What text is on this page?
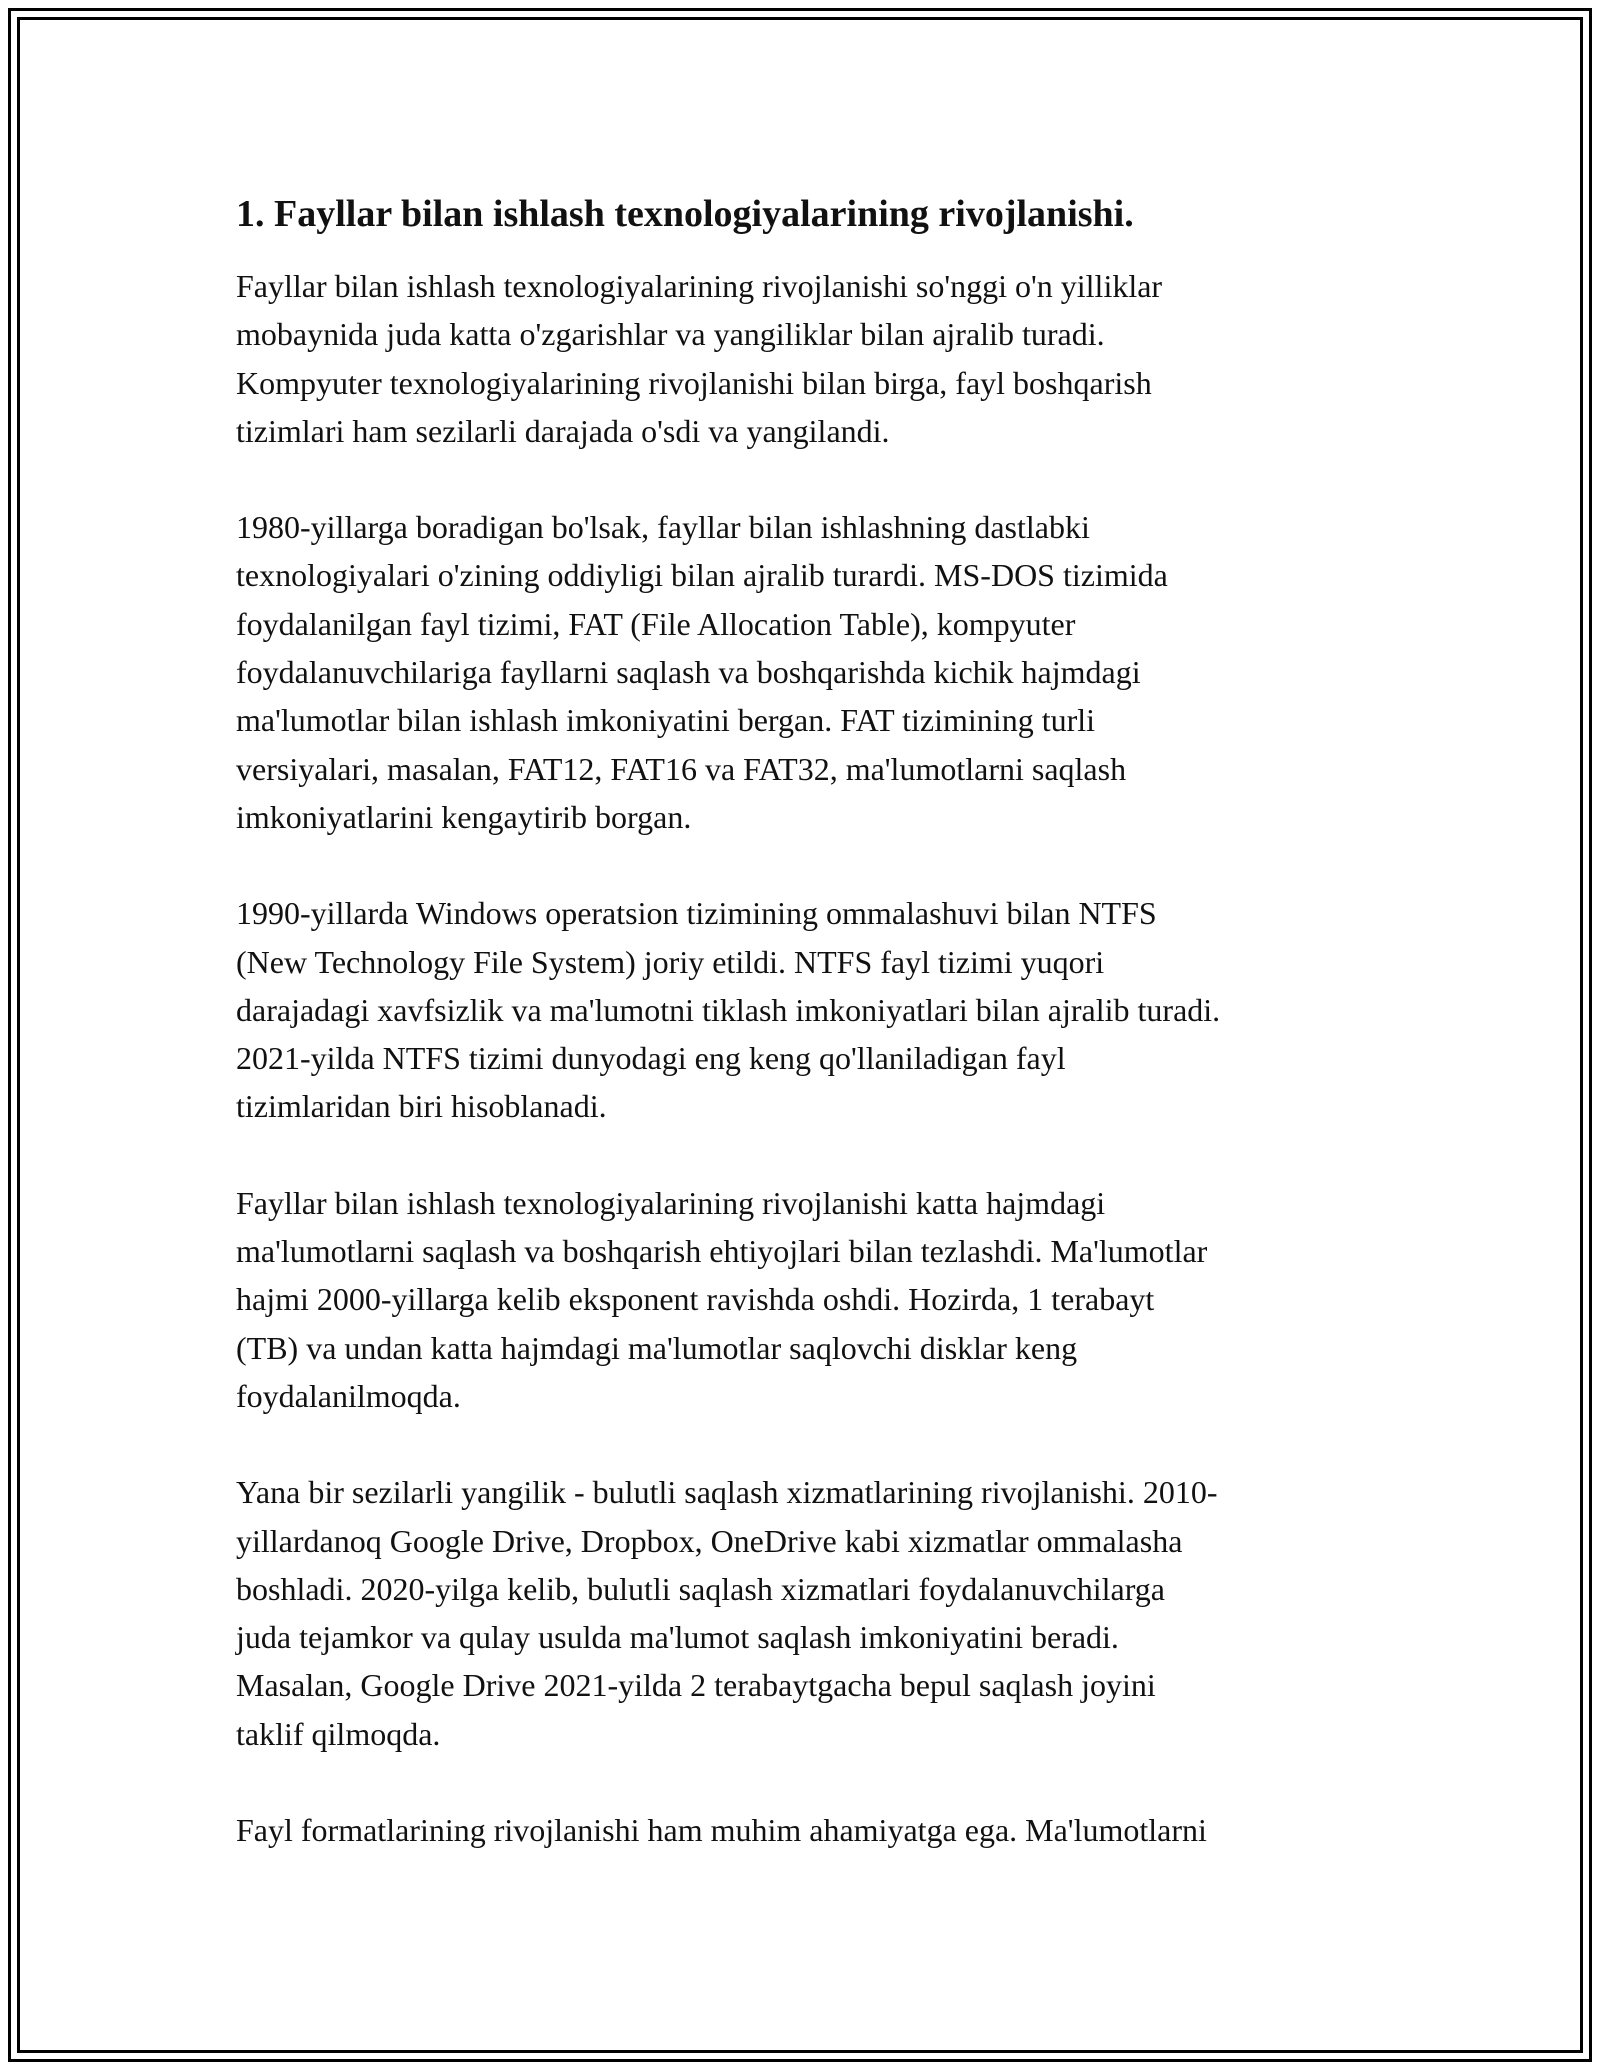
1. Fayllar bilan ishlash texnologiyalarining rivojlanishi.

Fayllar bilan ishlash texnologiyalarining rivojlanishi so'nggi o'n yilliklar
mobaynida juda katta o'zgarishlar va yangiliklar bilan ajralib turadi.
Kompyuter texnologiyalarining rivojlanishi bilan birga, fayl boshqarish
tizimlari ham sezilarli darajada o'sdi va yangilandi.

1980-yillarga boradigan bo'lsak, fayllar bilan ishlashning dastlabki
texnologiyalari o'zining oddiyligi bilan ajralib turardi. MS-DOS tizimida
foydalanilgan fayl tizimi, FAT (File Allocation Table), kompyuter
foydalanuvchilariga fayllarni saqlash va boshqarishda kichik hajmdagi
ma'lumotlar bilan ishlash imkoniyatini bergan. FAT tizimining turli
versiyalari, masalan, FAT12, FAT16 va FAT32, ma'lumotlarni saqlash
imkoniyatlarini kengaytirib borgan.

1990-yillarda Windows operatsion tizimining ommalashuvi bilan NTFS
(New Technology File System) joriy etildi. NTFS fayl tizimi yuqori
darajadagi xavfsizlik va ma'lumotni tiklash imkoniyatlari bilan ajralib turadi.
2021-yilda NTFS tizimi dunyodagi eng keng qo'llaniladigan fayl
tizimlaridan biri hisoblanadi.

Fayllar bilan ishlash texnologiyalarining rivojlanishi katta hajmdagi
ma'lumotlarni saqlash va boshqarish ehtiyojlari bilan tezlashdi. Ma'lumotlar
hajmi 2000-yillarga kelib eksponent ravishda oshdi. Hozirda, 1 terabayt
(TB) va undan katta hajmdagi ma'lumotlar saqlovchi disklar keng
foydalanilmoqda.

Yana bir sezilarli yangilik - bulutli saqlash xizmatlarining rivojlanishi. 2010-
yillardanoq Google Drive, Dropbox, OneDrive kabi xizmatlar ommalasha
boshladi. 2020-yilga kelib, bulutli saqlash xizmatlari foydalanuvchilarga
juda tejamkor va qulay usulda ma'lumot saqlash imkoniyatini beradi.
Masalan, Google Drive 2021-yilda 2 terabaytgacha bepul saqlash joyini
taklif qilmoqda.

Fayl formatlarining rivojlanishi ham muhim ahamiyatga ega. Ma'lumotlarni
